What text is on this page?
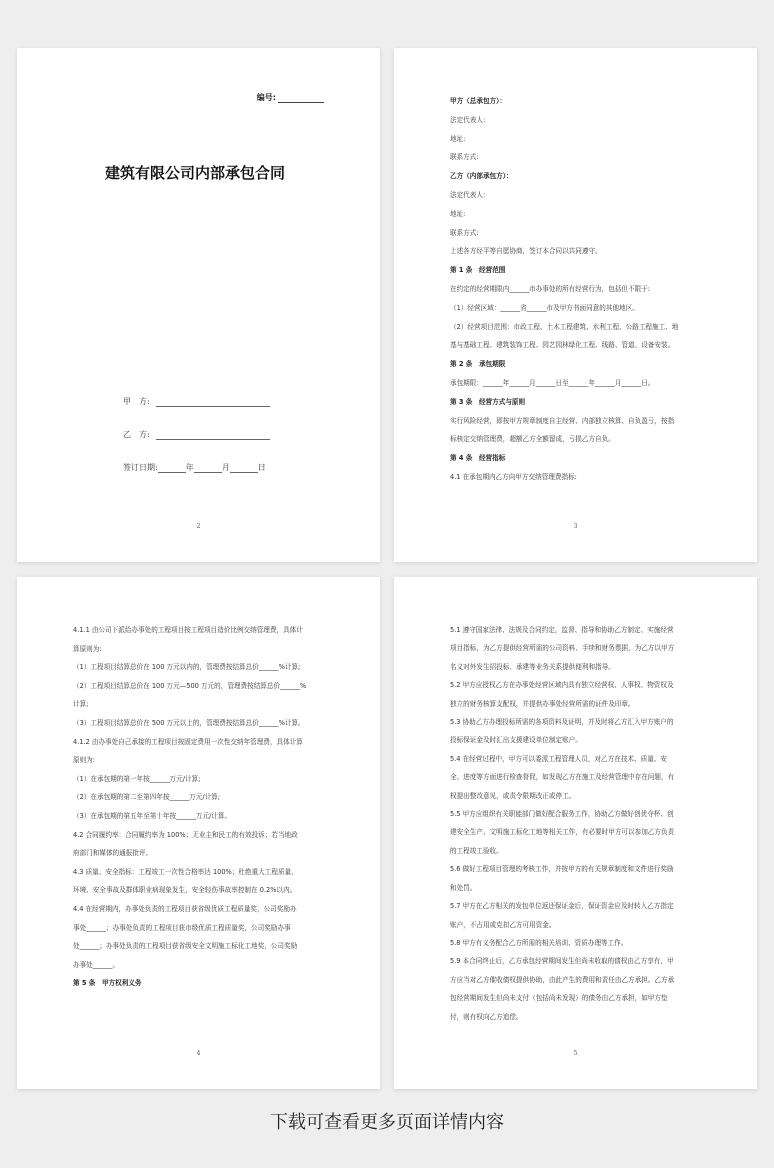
编号:
建筑有限公司内部承包合同
甲　方:
乙　方:
签订日期:	年	月	日
2

甲方（总承包方）：

法定代表人:

地址:

联系方式:

乙方（内部承包方）：

法定代表人:

地址:

联系方式:

上述各方经平等自愿协商，签订本合同以共同遵守。

第 1 条　经营范围

在约定的经营期限内______市办事处的所有经营行为，包括但不限于:

（1）经营区域：______省______市及甲方书面同意的其他地区。

（2）经营项目范围：市政工程、土木工程建筑、水利工程、公路工程施工、地

基与基础工程、建筑装饰工程、园艺园林绿化工程、线路、管道、设备安装。

第 2 条　承包期限

承包期限：______年______月______日至______年______月______日。

第 3 条　经营方式与原则

实行风险经营，即按甲方规章制度自主经营、内部独立核算、自负盈亏，按指

标核定交纳管理费，超额乙方全额留成，亏损乙方自负。

第 4 条　经营指标

4.1 在承包期内乙方向甲方交纳管理费指标:

3

4.1.1 由公司下派给办事处的工程项目按工程项目造价比例交纳管理费，具体计

算原则为:

（1）工程项目结算总价在 100 万元以内的，管理费按结算总价______%计算;

（2）工程项目结算总价在 100 万元—500 万元的，管理费按结算总价______%

计算;

（3）工程项目结算总价在 500 万元以上的，管理费按结算总价______%计算。

4.1.2 由办事处自己承接的工程项目按固定费用一次性交纳年管理费，具体计算

原则为:

（1）在承包期的第一年按______万元/计算;

（2）在承包期的第二至第四年按______万元/计算;

（3）在承包期的第五年至第十年按______万元/计算。

4.2 合同履约率：合同履约率为 100%；无业主和民工的有效投诉；若当地政

府部门和媒体的通报批评。

4.3 质量、安全指标：工程竣工一次性合格率达 100%；杜绝重大工程质量、

环境、安全事故及群体职业病现象发生，安全轻伤事故率控制在 0.2%以内。

4.4 在经营期内，办事处负责的工程项目获省级优质工程质量奖，公司奖励办

事处______；办事处负责的工程项目获市级优质工程质量奖，公司奖励办事

处______；办事处负责的工程项目获省级安全文明施工标化工地奖，公司奖励

办事处______。

第 5 条　甲方权利义务

4

5.1 遵守国家法律、法规及合同约定，监督、指导和协助乙方制定、实施经营

项目指标，为乙方提供经营所需的公司资料、手续和财务票据，为乙方以甲方

名义对外发生招投标、承建等业务关系提供便利和指导。

5.2 甲方应授权乙方在办事处经营区域内具有独立经营权、人事权、物资权及

独立的财务核算支配权，并提供办事处经营所需的证件及印章。

5.3 协助乙方办理投标所需的各项资料及证明，并及时将乙方汇入甲方账户的

投标保证金及时汇出支援建设单位制定账户。

5.4 在经营过程中，甲方可以委派工程管理人员，对乙方在技术、质量、安

全、进度等方面进行检查督促，如发现乙方在施工及经营管理中存在问题，有

权提出整改意见，或责令限期改正或停工。

5.5 甲方应组织有关职能部门做好配合服务工作，协助乙方做好创优夺杯、创

建安全生产、文明施工标化工地等相关工作，有必要时甲方可以参加乙方负责

的工程竣工验收。

5.6 做好工程项目管理的考核工作，并按甲方的有关规章制度和文件进行奖励

和处罚。

5.7 甲方在乙方相关的发包单位返还保证金后，保证资金应及时转入乙方指定

账户，不占用或克扣乙方可用资金。

5.8 甲方有义务配合乙方所需的相关培训、资质办理等工作。

5.9 本合同终止后，乙方承包经营期间发生但尚未收取的债权由乙方享有，甲

方应当对乙方催收债权提供协助，由此产生的费用和责任由乙方承担。乙方承

包经营期间发生但尚未支付（包括尚未发现）的债务由乙方承担，如甲方垫

付，则有权向乙方追偿。

5
下载可查看更多页面详情内容
